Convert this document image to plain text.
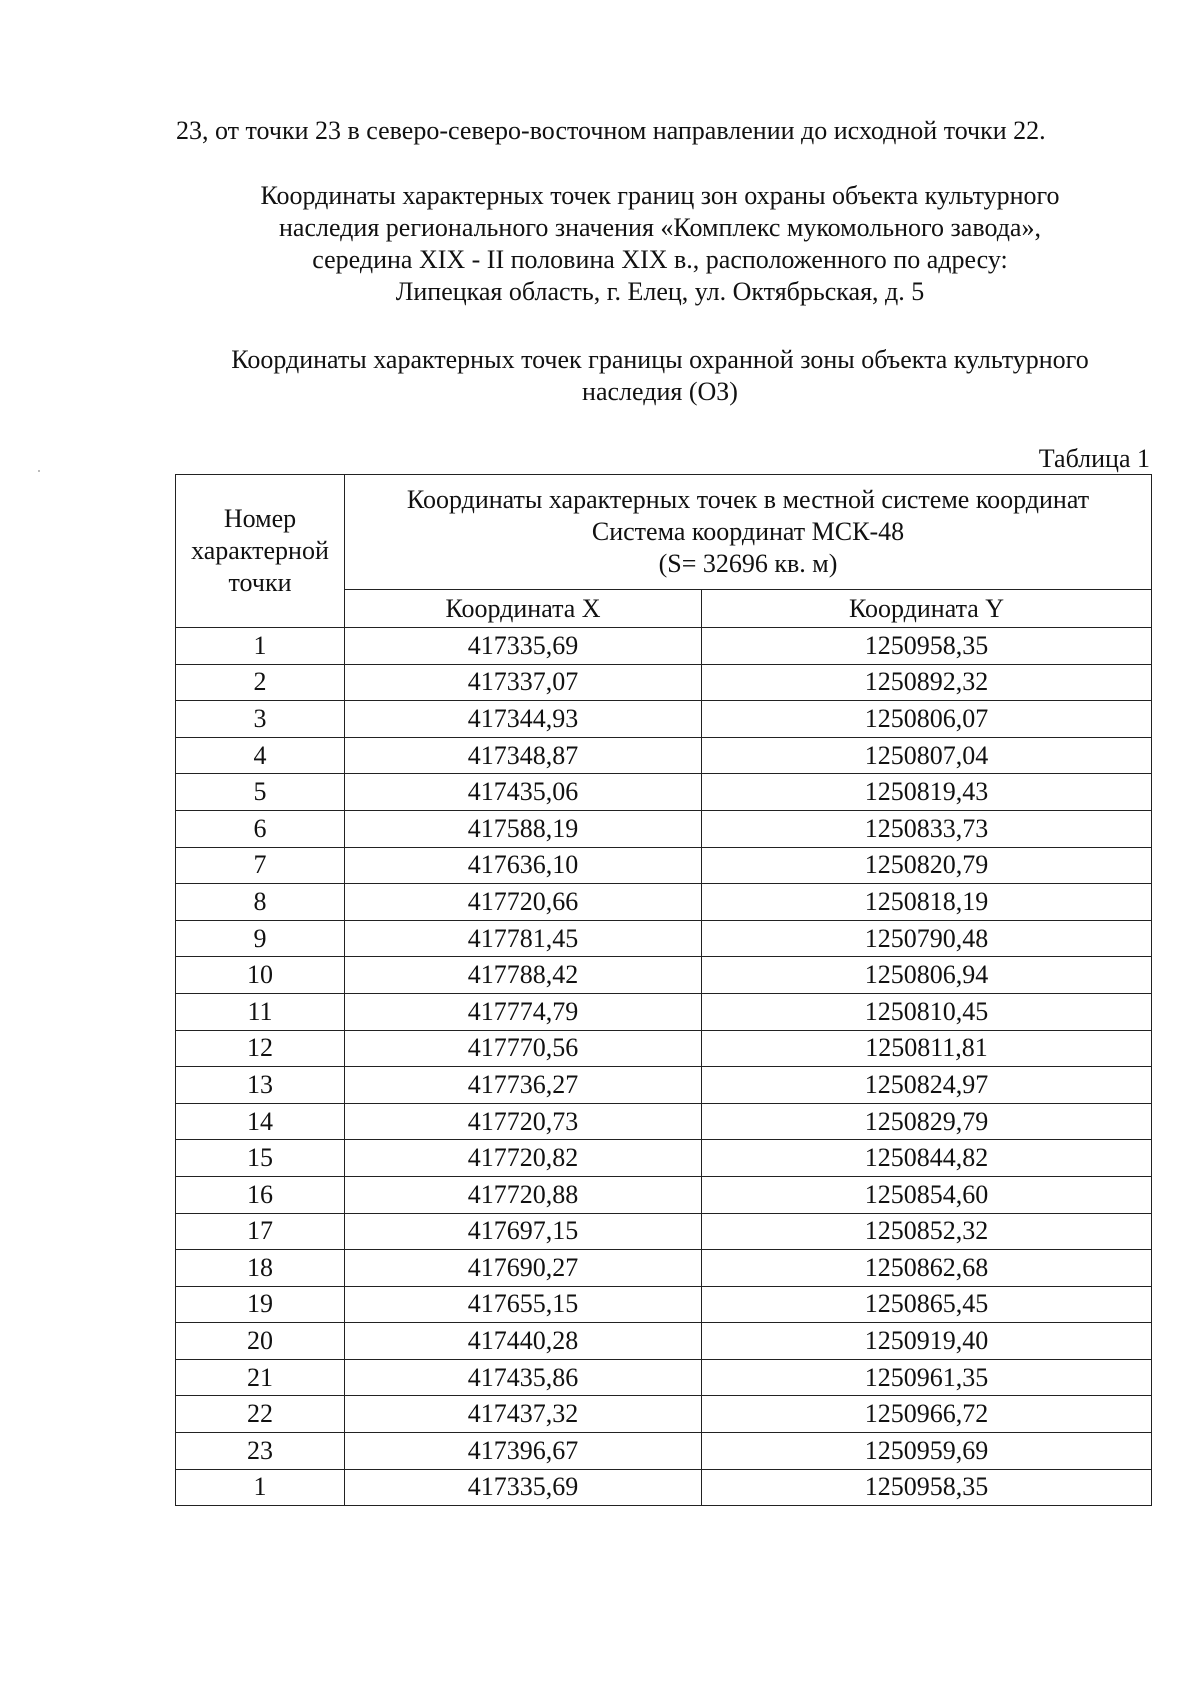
23, от точки 23 в северо-северо-восточном направлении до исходной точки 22.
Координаты характерных точек границ зон охраны объекта культурного
наследия регионального значения «Комплекс мукомольного завода»,
середина XIX - II половина XIX в., расположенного по адресу:
Липецкая область, г. Елец, ул. Октябрьская, д. 5
Координаты характерных точек границы охранной зоны объекта культурного
наследия (ОЗ)
Таблица 1
Номер
характерной
точки	Координаты характерных точек в местной системе координат
Система координат МСК-48
(S= 32696 кв. м)	

	Координата X	Координата Y
1	417335,69	1250958,35
2	417337,07	1250892,32
3	417344,93	1250806,07
4	417348,87	1250807,04
5	417435,06	1250819,43
6	417588,19	1250833,73
7	417636,10	1250820,79
8	417720,66	1250818,19
9	417781,45	1250790,48
10	417788,42	1250806,94
11	417774,79	1250810,45
12	417770,56	1250811,81
13	417736,27	1250824,97
14	417720,73	1250829,79
15	417720,82	1250844,82
16	417720,88	1250854,60
17	417697,15	1250852,32
18	417690,27	1250862,68
19	417655,15	1250865,45
20	417440,28	1250919,40
21	417435,86	1250961,35
22	417437,32	1250966,72
23	417396,67	1250959,69
1	417335,69	1250958,35
